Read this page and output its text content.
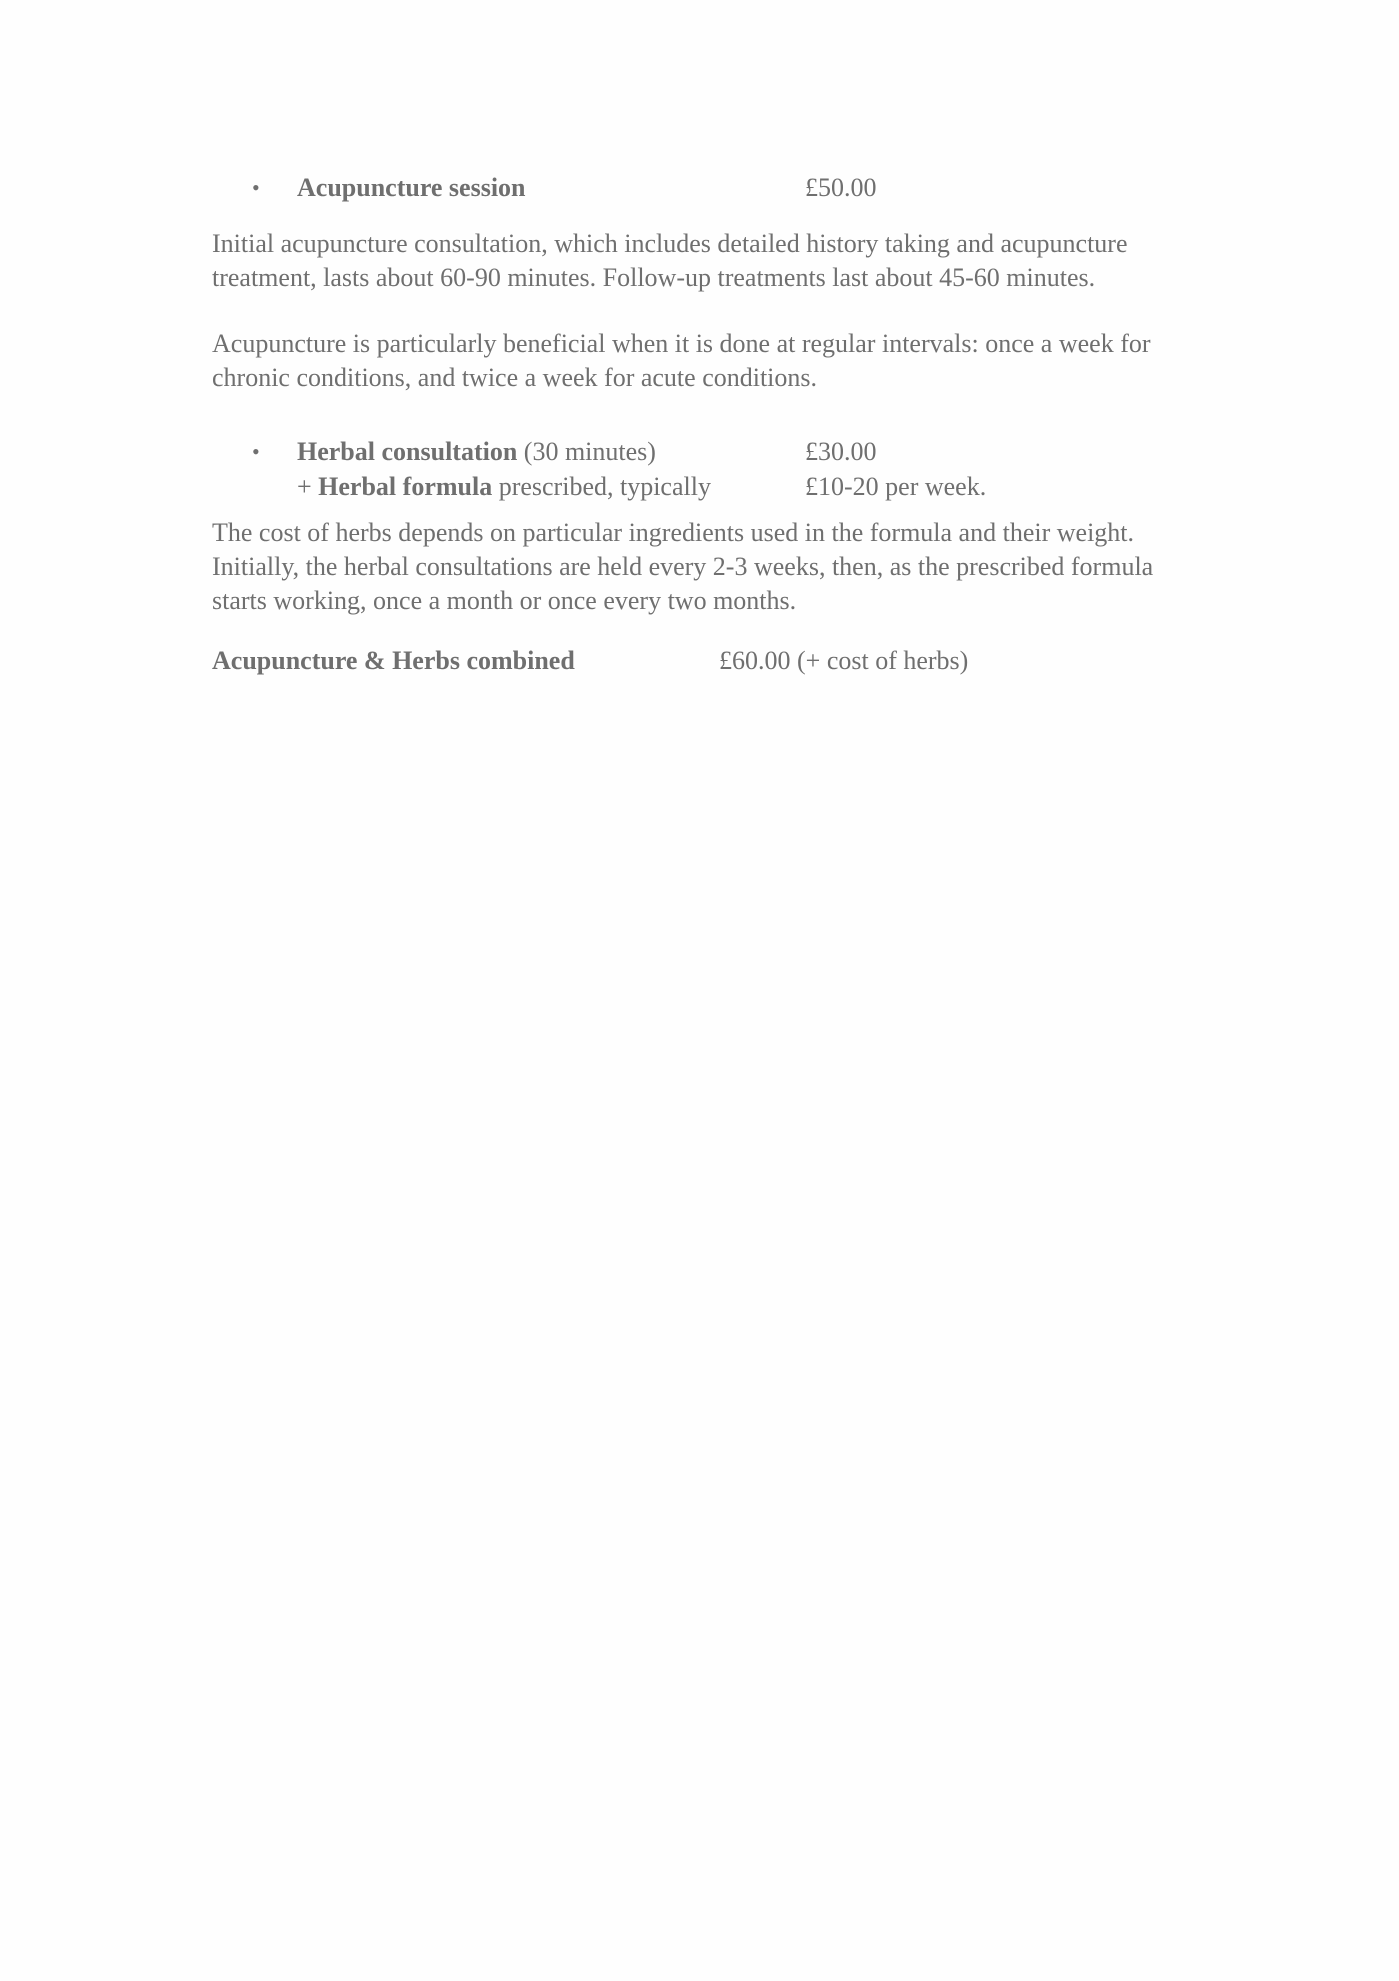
• Acupuncture session	£50.00
Initial acupuncture consultation, which includes detailed history taking and acupuncture
treatment, lasts about 60-90 minutes. Follow-up treatments last about 45-60 minutes.
Acupuncture is particularly beneficial when it is done at regular intervals: once a week for
chronic conditions, and twice a week for acute conditions.
• Herbal consultation (30 minutes)	£30.00
+ Herbal formula prescribed, typically	£10-20 per week.
The cost of herbs depends on particular ingredients used in the formula and their weight.
Initially, the herbal consultations are held every 2-3 weeks, then, as the prescribed formula
starts working, once a month or once every two months.
Acupuncture & Herbs combined	£60.00 (+ cost of herbs)
